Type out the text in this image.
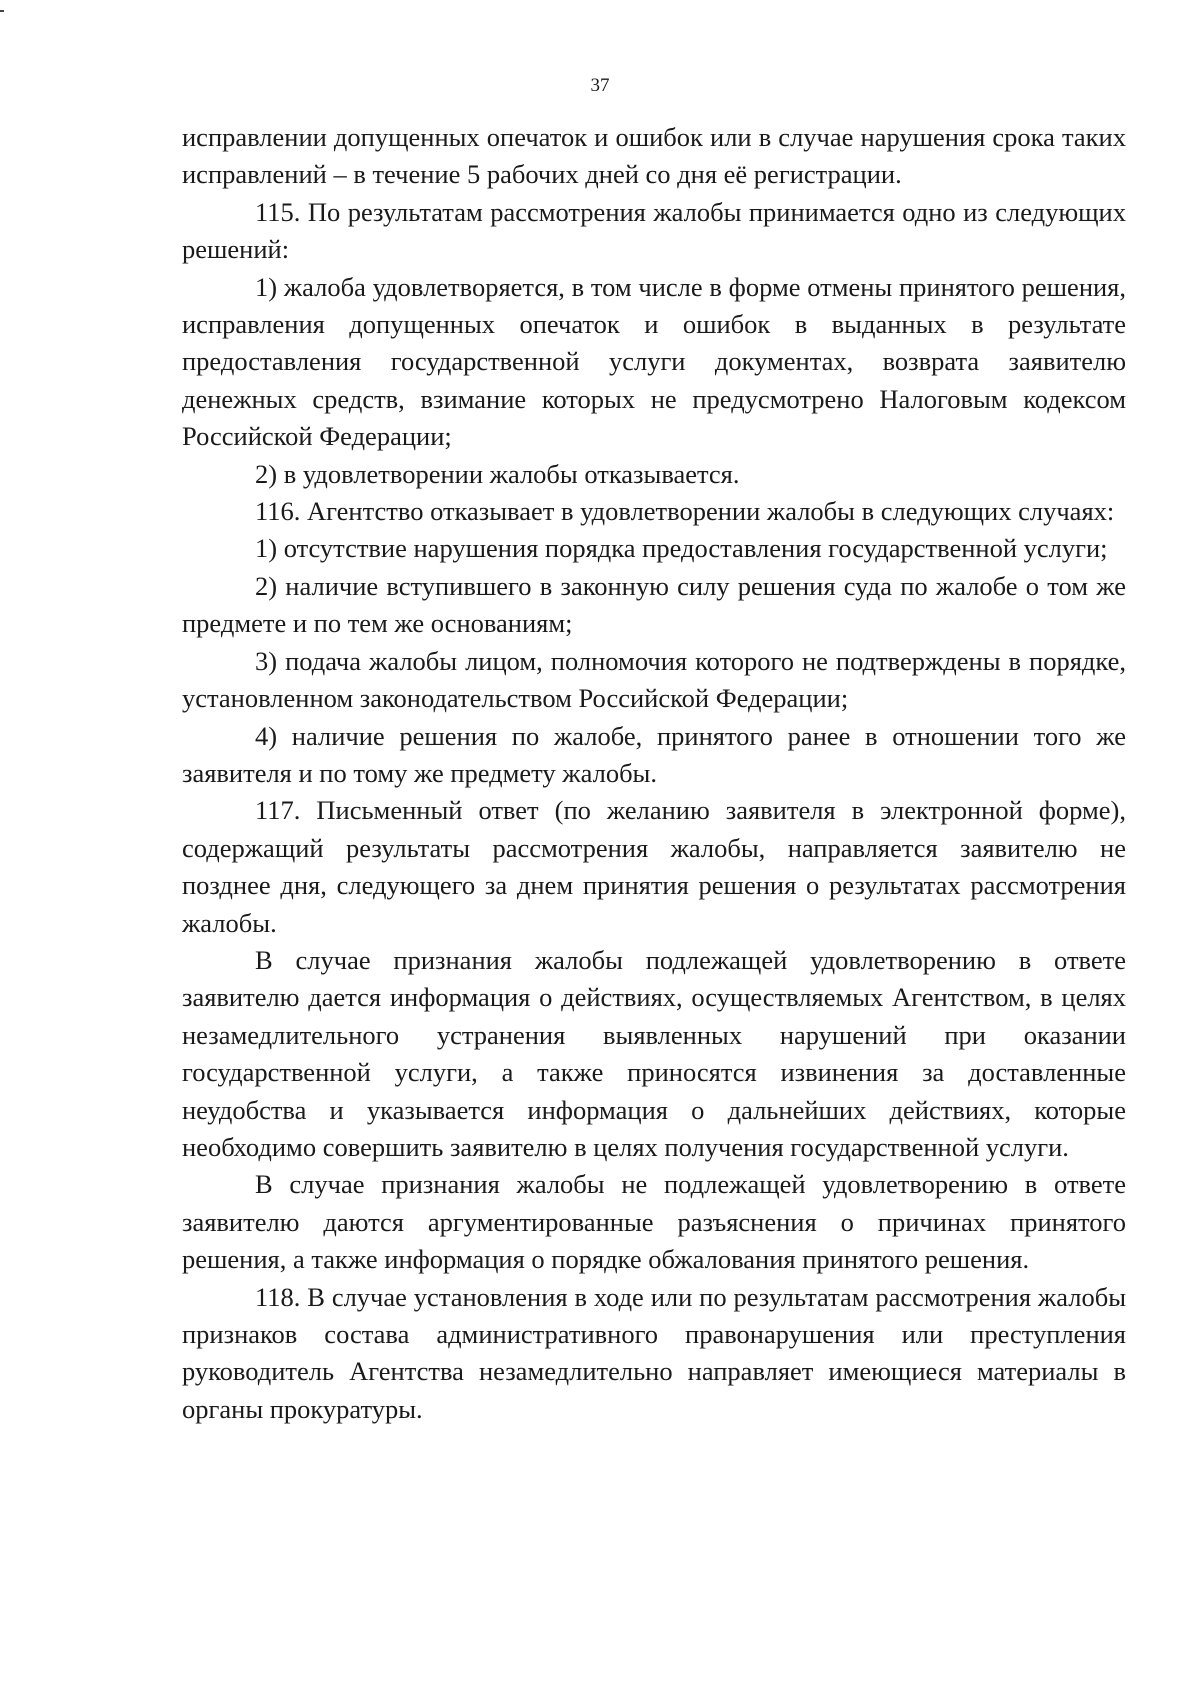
37

исправлении допущенных опечаток и ошибок или в случае нарушения срока таких исправлений – в течение 5 рабочих дней со дня её регистрации.

115. По результатам рассмотрения жалобы принимается одно из следующих решений:

1) жалоба удовлетворяется, в том числе в форме отмены принятого решения, исправления допущенных опечаток и ошибок в выданных в результате предоставления государственной услуги документах, возврата заявителю денежных средств, взимание которых не предусмотрено Налоговым кодексом Российской Федерации;

2) в удовлетворении жалобы отказывается.

116. Агентство отказывает в удовлетворении жалобы в следующих случаях:

1) отсутствие нарушения порядка предоставления государственной услуги;

2) наличие вступившего в законную силу решения суда по жалобе о том же предмете и по тем же основаниям;

3) подача жалобы лицом, полномочия которого не подтверждены в порядке, установленном законодательством Российской Федерации;

4) наличие решения по жалобе, принятого ранее в отношении того же заявителя и по тому же предмету жалобы.

117. Письменный ответ (по желанию заявителя в электронной форме), содержащий результаты рассмотрения жалобы, направляется заявителю не позднее дня, следующего за днем принятия решения о результатах рассмотрения жалобы.

В случае признания жалобы подлежащей удовлетворению в ответе заявителю дается информация о действиях, осуществляемых Агентством, в целях незамедлительного устранения выявленных нарушений при оказании государственной услуги, а также приносятся извинения за доставленные неудобства и указывается информация о дальнейших действиях, которые необходимо совершить заявителю в целях получения государственной услуги.

В случае признания жалобы не подлежащей удовлетворению в ответе заявителю даются аргументированные разъяснения о причинах принятого решения, а также информация о порядке обжалования принятого решения.

118. В случае установления в ходе или по результатам рассмотрения жалобы признаков состава административного правонарушения или преступления руководитель Агентства незамедлительно направляет имеющиеся материалы в органы прокуратуры.
